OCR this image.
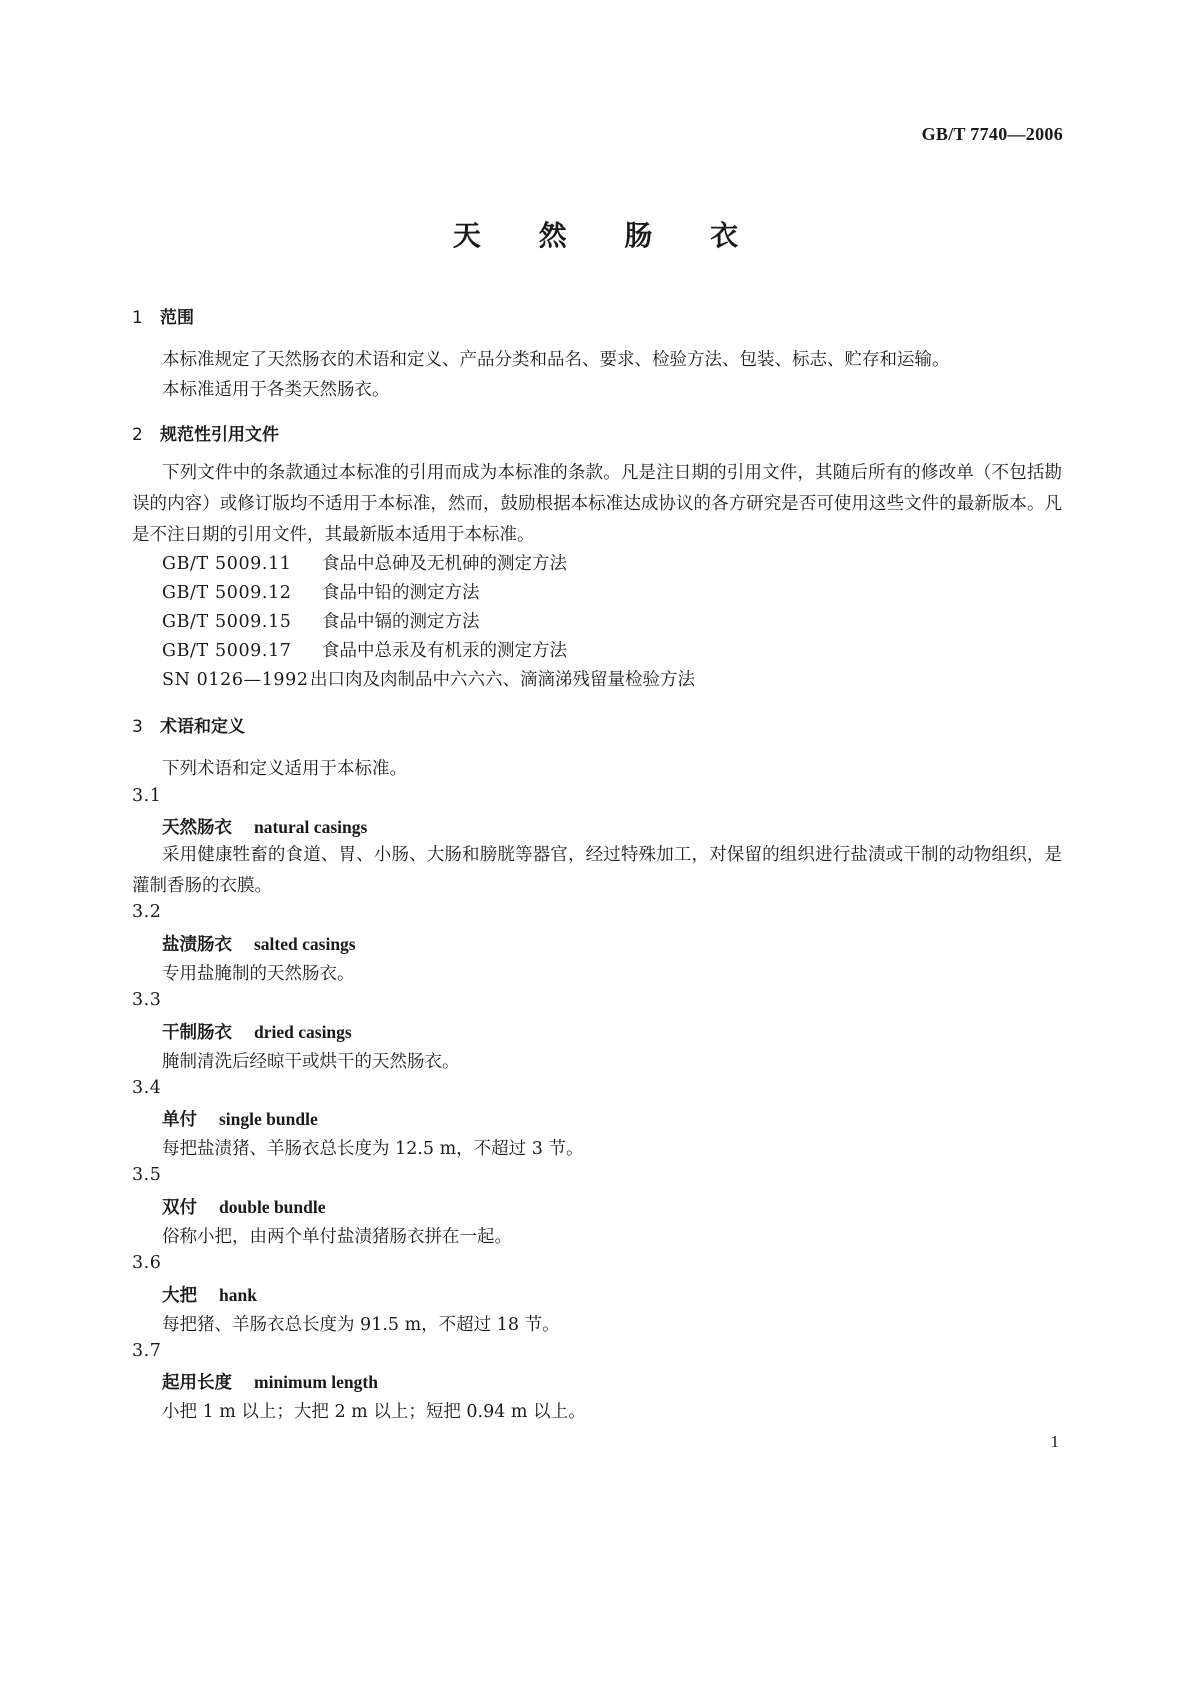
GB/T 7740—2006
天 然 肠 衣
1 范围
本标准规定了天然肠衣的术语和定义、产品分类和品名、要求、检验方法、包装、标志、贮存和运输。
本标准适用于各类天然肠衣。
2 规范性引用文件
下列文件中的条款通过本标准的引用而成为本标准的条款。凡是注日期的引用文件，其随后所有的修改单（不包括勘误的内容）或修订版均不适用于本标准，然而，鼓励根据本标准达成协议的各方研究是否可使用这些文件的最新版本。凡是不注日期的引用文件，其最新版本适用于本标准。
GB/T 5009.11 食品中总砷及无机砷的测定方法
GB/T 5009.12 食品中铅的测定方法
GB/T 5009.15 食品中镉的测定方法
GB/T 5009.17 食品中总汞及有机汞的测定方法
SN 0126—1992出口肉及肉制品中六六六、滴滴涕残留量检验方法
3 术语和定义
下列术语和定义适用于本标准。
3.1
天然肠衣 natural casings
采用健康牲畜的食道、胃、小肠、大肠和膀胱等器官，经过特殊加工，对保留的组织进行盐渍或干制的动物组织，是灌制香肠的衣膜。
3.2
盐渍肠衣 salted casings
专用盐腌制的天然肠衣。
3.3
干制肠衣 dried casings
腌制清洗后经晾干或烘干的天然肠衣。
3.4
单付 single bundle
每把盐渍猪、羊肠衣总长度为 12.5 m，不超过 3 节。
3.5
双付 double bundle
俗称小把，由两个单付盐渍猪肠衣拼在一起。
3.6
大把 hank
每把猪、羊肠衣总长度为 91.5 m，不超过 18 节。
3.7
起用长度 minimum length
小把 1 m 以上；大把 2 m 以上；短把 0.94 m 以上。
1
